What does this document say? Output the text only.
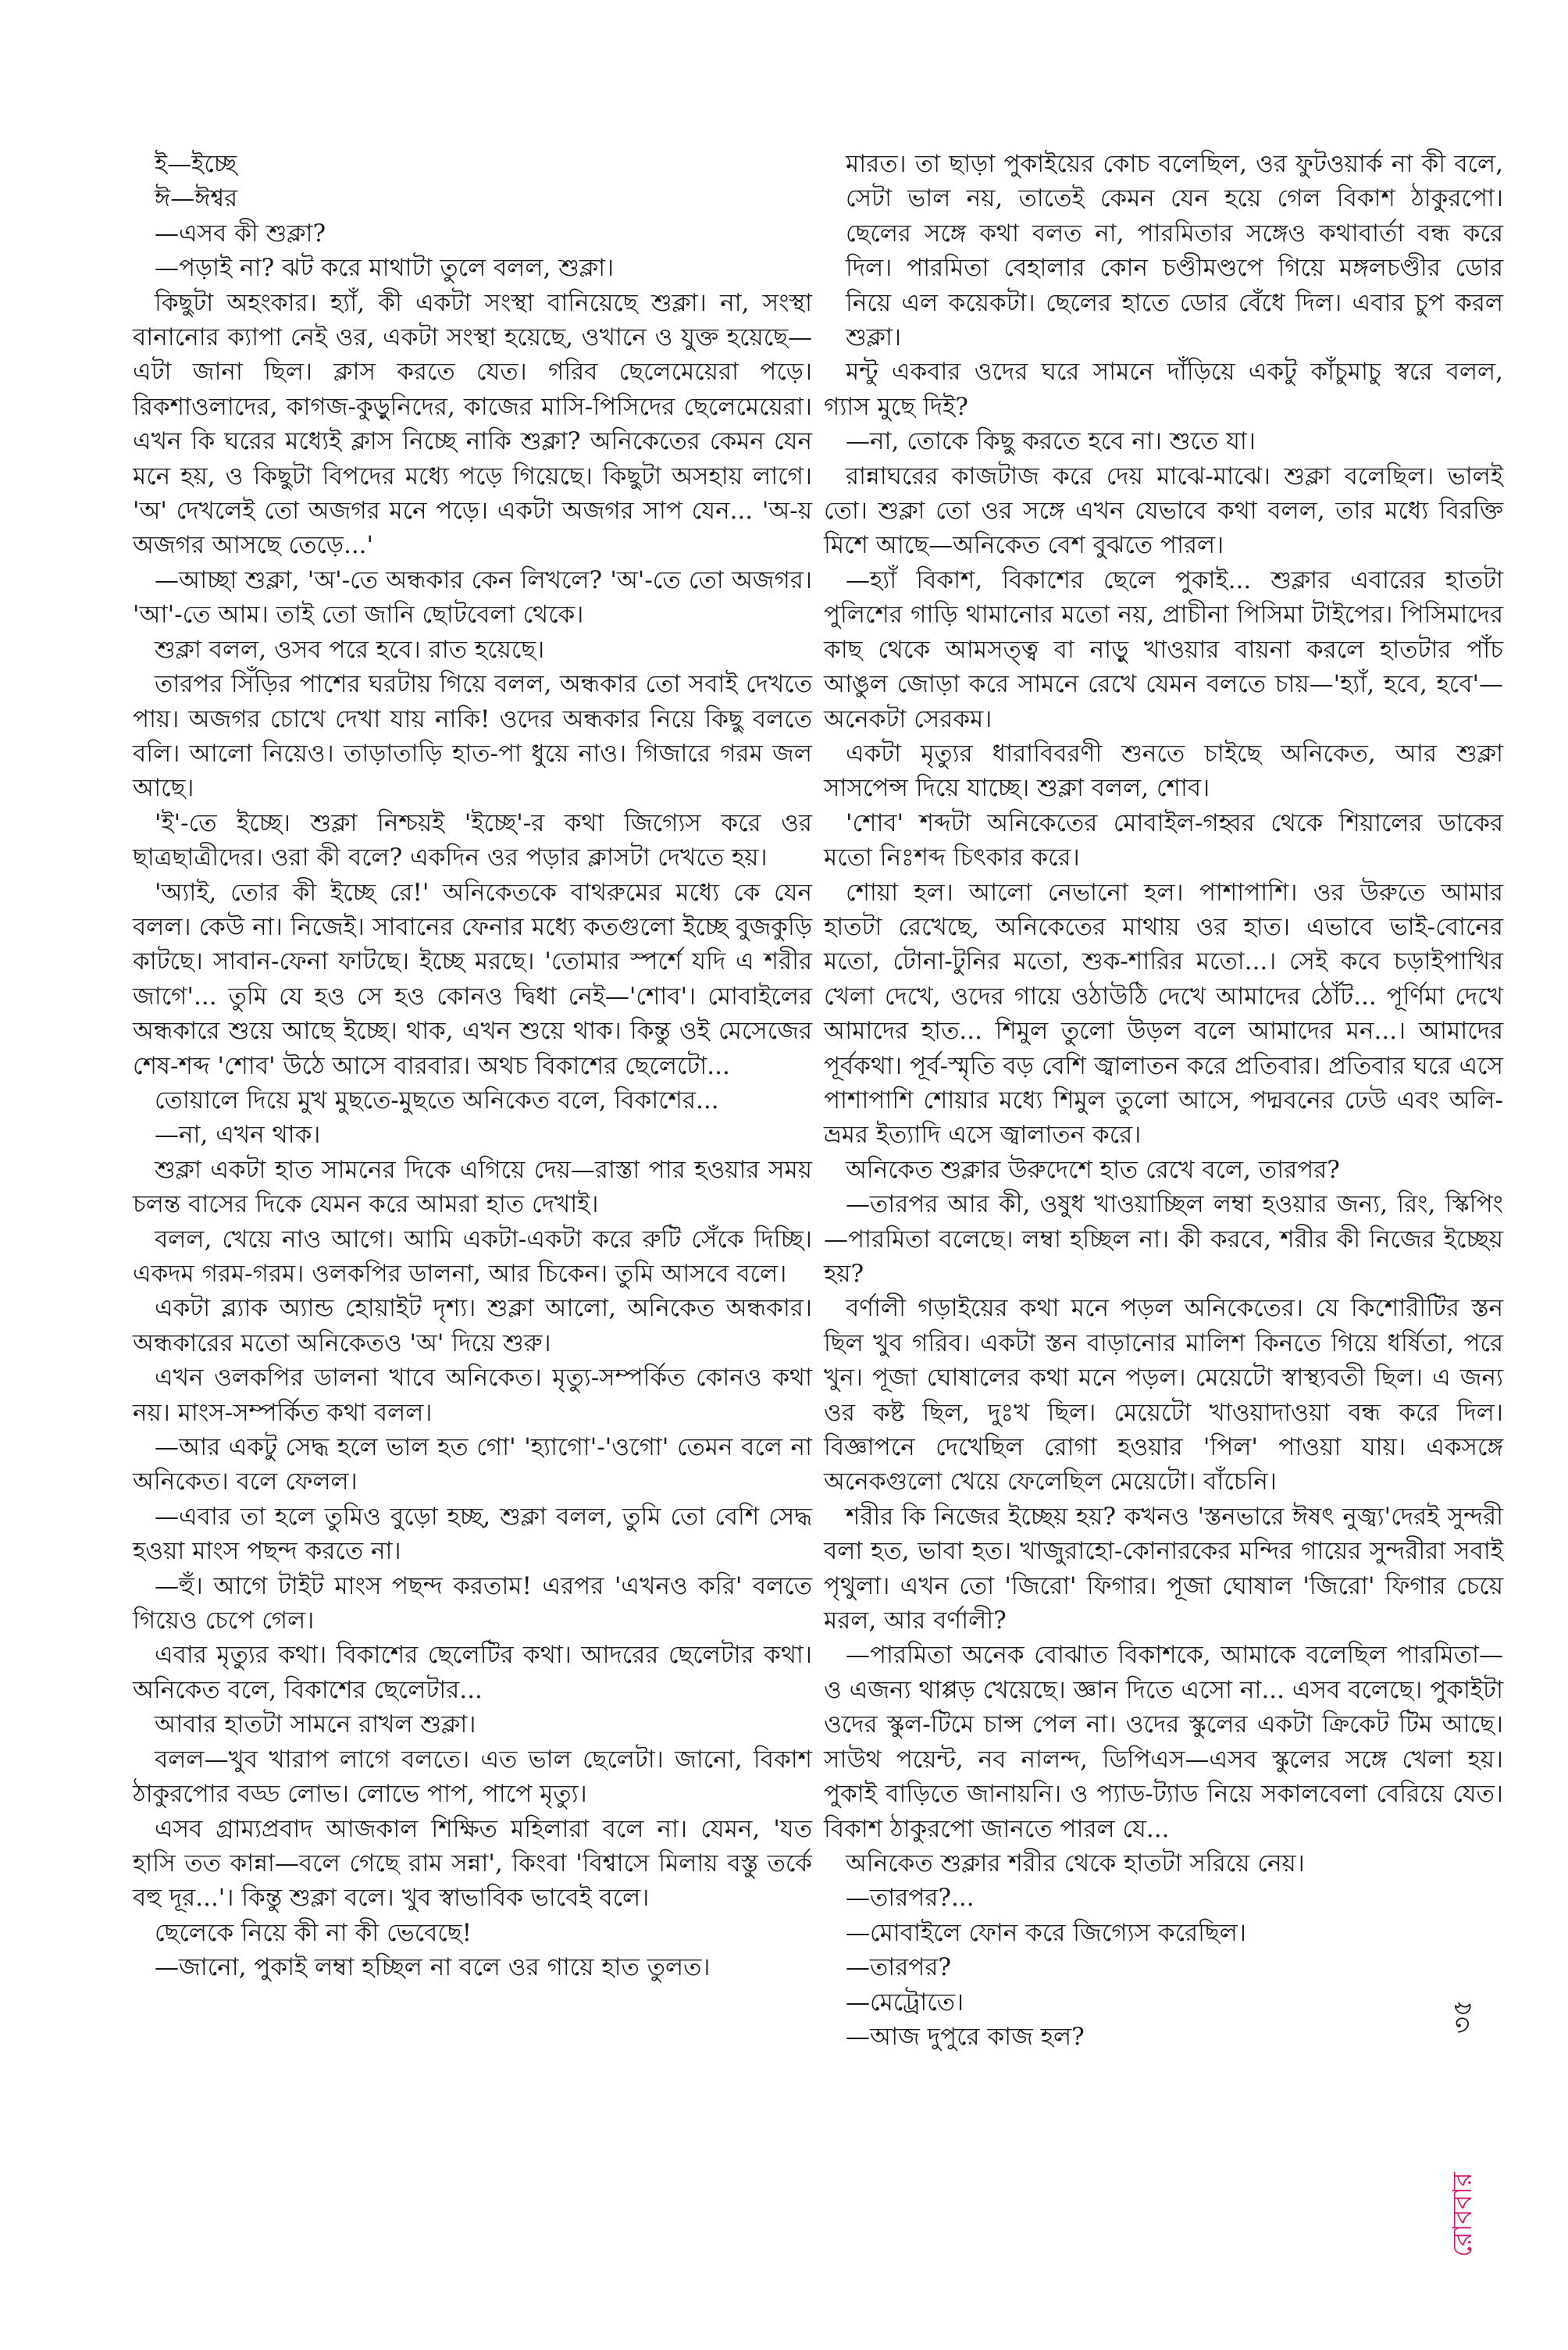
ই—ইচ্ছে

ঈ—ঈশ্বর

—এসব কী শুক্লা?

—পড়াই না? ঝট করে মাথাটা তুলে বলল, শুক্লা।

কিছুটা অহংকার। হ্যাঁ, কী একটা সংস্থা বানিয়েছে শুক্লা। না, সংস্থা বানানোর ক্যাপা নেই ওর, একটা সংস্থা হয়েছে, ওখানে ও যুক্ত হয়েছে—এটা জানা ছিল। ক্লাস করতে যেত। গরিব ছেলেমেয়েরা পড়ে। রিকশাওলাদের, কাগজ-কুড়ুনিদের, কাজের মাসি-পিসিদের ছেলেমেয়েরা। এখন কি ঘরের মধ্যেই ক্লাস নিচ্ছে নাকি শুক্লা? অনিকেতের কেমন যেন মনে হয়, ও কিছুটা বিপদের মধ্যে পড়ে গিয়েছে। কিছুটা অসহায় লাগে। 'অ' দেখলেই তো অজগর মনে পড়ে। একটা অজগর সাপ যেন... 'অ-য় অজগর আসছে তেড়ে...'

—আচ্ছা শুক্লা, 'অ'-তে অন্ধকার কেন লিখলে? 'অ'-তে তো অজগর। 'আ'-তে আম। তাই তো জানি ছোটবেলা থেকে।

শুক্লা বলল, ওসব পরে হবে। রাত হয়েছে।

তারপর সিঁড়ির পাশের ঘরটায় গিয়ে বলল, অন্ধকার তো সবাই দেখতে পায়। অজগর চোখে দেখা যায় নাকি! ওদের অন্ধকার নিয়ে কিছু বলতে বলি। আলো নিয়েও। তাড়াতাড়ি হাত-পা ধুয়ে নাও। গিজারে গরম জল আছে।

'ই'-তে ইচ্ছে। শুক্লা নিশ্চয়ই 'ইচ্ছে'-র কথা জিগ্যেস করে ওর ছাত্রছাত্রীদের। ওরা কী বলে? একদিন ওর পড়ার ক্লাসটা দেখতে হয়।

'অ্যাই, তোর কী ইচ্ছে রে!' অনিকেতকে বাথরুমের মধ্যে কে যেন বলল। কেউ না। নিজেই। সাবানের ফেনার মধ্যে কতগুলো ইচ্ছে বুজকুড়ি কাটছে। সাবান-ফেনা ফাটছে। ইচ্ছে মরছে। 'তোমার স্পর্শে যদি এ শরীর জাগে'... তুমি যে হও সে হও কোনও দ্বিধা নেই—'শোব'। মোবাইলের অন্ধকারে শুয়ে আছে ইচ্ছে। থাক, এখন শুয়ে থাক। কিন্তু ওই মেসেজের শেষ-শব্দ 'শোব' উঠে আসে বারবার। অথচ বিকাশের ছেলেটো...

তোয়ালে দিয়ে মুখ মুছতে-মুছতে অনিকেত বলে, বিকাশের...

—না, এখন থাক।

শুক্লা একটা হাত সামনের দিকে এগিয়ে দেয়—রাস্তা পার হওয়ার সময় চলন্ত বাসের দিকে যেমন করে আমরা হাত দেখাই।

বলল, খেয়ে নাও আগে। আমি একটা-একটা করে রুটি সেঁকে দিচ্ছি। একদম গরম-গরম। ওলকপির ডালনা, আর চিকেন। তুমি আসবে বলে।

একটা ব্ল্যাক অ্যান্ড হোয়াইট দৃশ্য। শুক্লা আলো, অনিকেত অন্ধকার। অন্ধকারের মতো অনিকেতও 'অ' দিয়ে শুরু।

এখন ওলকপির ডালনা খাবে অনিকেত। মৃত্যু-সম্পর্কিত কোনও কথা নয়। মাংস-সম্পর্কিত কথা বলল।

—আর একটু সেদ্ধ হলে ভাল হত গো' 'হ্যাগো'-'ওগো' তেমন বলে না অনিকেত। বলে ফেলল।

—এবার তা হলে তুমিও বুড়ো হচ্ছ, শুক্লা বলল, তুমি তো বেশি সেদ্ধ হওয়া মাংস পছন্দ করতে না।

—হুঁ। আগে টাইট মাংস পছন্দ করতাম! এরপর 'এখনও করি' বলতে গিয়েও চেপে গেল।

এবার মৃত্যুর কথা। বিকাশের ছেলেটির কথা। আদরের ছেলেটার কথা। অনিকেত বলে, বিকাশের ছেলেটার...

আবার হাতটা সামনে রাখল শুক্লা।

বলল—খুব খারাপ লাগে বলতে। এত ভাল ছেলেটা। জানো, বিকাশ ঠাকুরপোর বড্ড লোভ। লোভে পাপ, পাপে মৃত্যু।

এসব গ্রাম্যপ্রবাদ আজকাল শিক্ষিত মহিলারা বলে না। যেমন, 'যত হাসি তত কান্না—বলে গেছে রাম সন্না', কিংবা 'বিশ্বাসে মিলায় বস্তু তর্কে বহু দূর...'। কিন্তু শুক্লা বলে। খুব স্বাভাবিক ভাবেই বলে।

ছেলেকে নিয়ে কী না কী ভেবেছে!

—জানো, পুকাই লম্বা হচ্ছিল না বলে ওর গায়ে হাত তুলত।

মারত। তা ছাড়া পুকাইয়ের কোচ বলেছিল, ওর ফুটওয়ার্ক না কী বলে, সেটা ভাল নয়, তাতেই কেমন যেন হয়ে গেল বিকাশ ঠাকুরপো। ছেলের সঙ্গে কথা বলত না, পারমিতার সঙ্গেও কথাবার্তা বন্ধ করে দিল। পারমিতা বেহালার কোন চণ্ডীমণ্ডপে গিয়ে মঙ্গলচণ্ডীর ডোর নিয়ে এল কয়েকটা। ছেলের হাতে ডোর বেঁধে দিল। এবার চুপ করল শুক্লা।

মন্টু একবার ওদের ঘরে সামনে দাঁড়িয়ে একটু কাঁচুমাচু স্বরে বলল, গ্যাস মুছে দিই?

—না, তোকে কিছু করতে হবে না। শুতে যা।

রান্নাঘরের কাজটাজ করে দেয় মাঝে-মাঝে। শুক্লা বলেছিল। ভালই তো। শুক্লা তো ওর সঙ্গে এখন যেভাবে কথা বলল, তার মধ্যে বিরক্তি মিশে আছে—অনিকেত বেশ বুঝতে পারল।

—হ্যাঁ বিকাশ, বিকাশের ছেলে পুকাই... শুক্লার এবারের হাতটা পুলিশের গাড়ি থামানোর মতো নয়, প্রাচীনা পিসিমা টাইপের। পিসিমাদের কাছ থেকে আমসত্ত্ব বা নাড়ু খাওয়ার বায়না করলে হাতটার পাঁচ আঙুল জোড়া করে সামনে রেখে যেমন বলতে চায়—'হ্যাঁ, হবে, হবে'—অনেকটা সেরকম।

একটা মৃত্যুর ধারাবিবরণী শুনতে চাইছে অনিকেত, আর শুক্লা সাসপেন্স দিয়ে যাচ্ছে। শুক্লা বলল, শোব।

'শোব' শব্দটা অনিকেতের মোবাইল-গহ্বর থেকে শিয়ালের ডাকের মতো নিঃশব্দ চিৎকার করে।

শোয়া হল। আলো নেভানো হল। পাশাপাশি। ওর উরুতে আমার হাতটা রেখেছে, অনিকেতের মাথায় ওর হাত। এভাবে ভাই-বোনের মতো, টোনা-টুনির মতো, শুক-শারির মতো...। সেই কবে চড়াইপাখির খেলা দেখে, ওদের গায়ে ওঠাউঠি দেখে আমাদের ঠোঁট... পূর্ণিমা দেখে আমাদের হাত... শিমুল তুলো উড়ল বলে আমাদের মন...। আমাদের পূর্বকথা। পূর্ব-স্মৃতি বড় বেশি জ্বালাতন করে প্রতিবার। প্রতিবার ঘরে এসে পাশাপাশি শোয়ার মধ্যে শিমুল তুলো আসে, পদ্মবনের ঢেউ এবং অলি-ভ্রমর ইত্যাদি এসে জ্বালাতন করে।

অনিকেত শুক্লার উরুদেশে হাত রেখে বলে, তারপর?

—তারপর আর কী, ওষুধ খাওয়াচ্ছিল লম্বা হওয়ার জন্য, রিং, স্কিপিং—পারমিতা বলেছে। লম্বা হচ্ছিল না। কী করবে, শরীর কী নিজের ইচ্ছেয় হয়?

বর্ণালী গড়াইয়ের কথা মনে পড়ল অনিকেতের। যে কিশোরীটির স্তন ছিল খুব গরিব। একটা স্তন বাড়ানোর মালিশ কিনতে গিয়ে ধর্ষিতা, পরে খুন। পূজা ঘোষালের কথা মনে পড়ল। মেয়েটো স্বাস্থ্যবতী ছিল। এ জন্য ওর কষ্ট ছিল, দুঃখ ছিল। মেয়েটো খাওয়াদাওয়া বন্ধ করে দিল। বিজ্ঞাপনে দেখেছিল রোগা হওয়ার 'পিল' পাওয়া যায়। একসঙ্গে অনেকগুলো খেয়ে ফেলেছিল মেয়েটো। বাঁচেনি।

শরীর কি নিজের ইচ্ছেয় হয়? কখনও 'স্তনভারে ঈষৎ নুজ্ব্য'দেরই সুন্দরী বলা হত, ভাবা হত। খাজুরাহো-কোনারকের মন্দির গায়ের সুন্দরীরা সবাই পৃথুলা। এখন তো 'জিরো' ফিগার। পূজা ঘোষাল 'জিরো' ফিগার চেয়ে মরল, আর বর্ণালী?

—পারমিতা অনেক বোঝাত বিকাশকে, আমাকে বলেছিল পারমিতা—ও এজন্য থাপ্পড় খেয়েছে। জ্ঞান দিতে এসো না... এসব বলেছে। পুকাইটা ওদের স্কুল-টিমে চান্স পেল না। ওদের স্কুলের একটা ক্রিকেট টিম আছে। সাউথ পয়েন্ট, নব নালন্দ, ডিপিএস—এসব স্কুলের সঙ্গে খেলা হয়। পুকাই বাড়িতে জানায়নি। ও প্যাড-ট্যাড নিয়ে সকালবেলা বেরিয়ে যেত। বিকাশ ঠাকুরপো জানতে পারল যে...

অনিকেত শুক্লার শরীর থেকে হাতটা সরিয়ে নেয়।

—তারপর?...

—মোবাইলে ফোন করে জিগ্যেস করেছিল।

—তারপর?

—মেট্রোতে।

—আজ দুপুরে কাজ হল?

রোববার
৩৫
